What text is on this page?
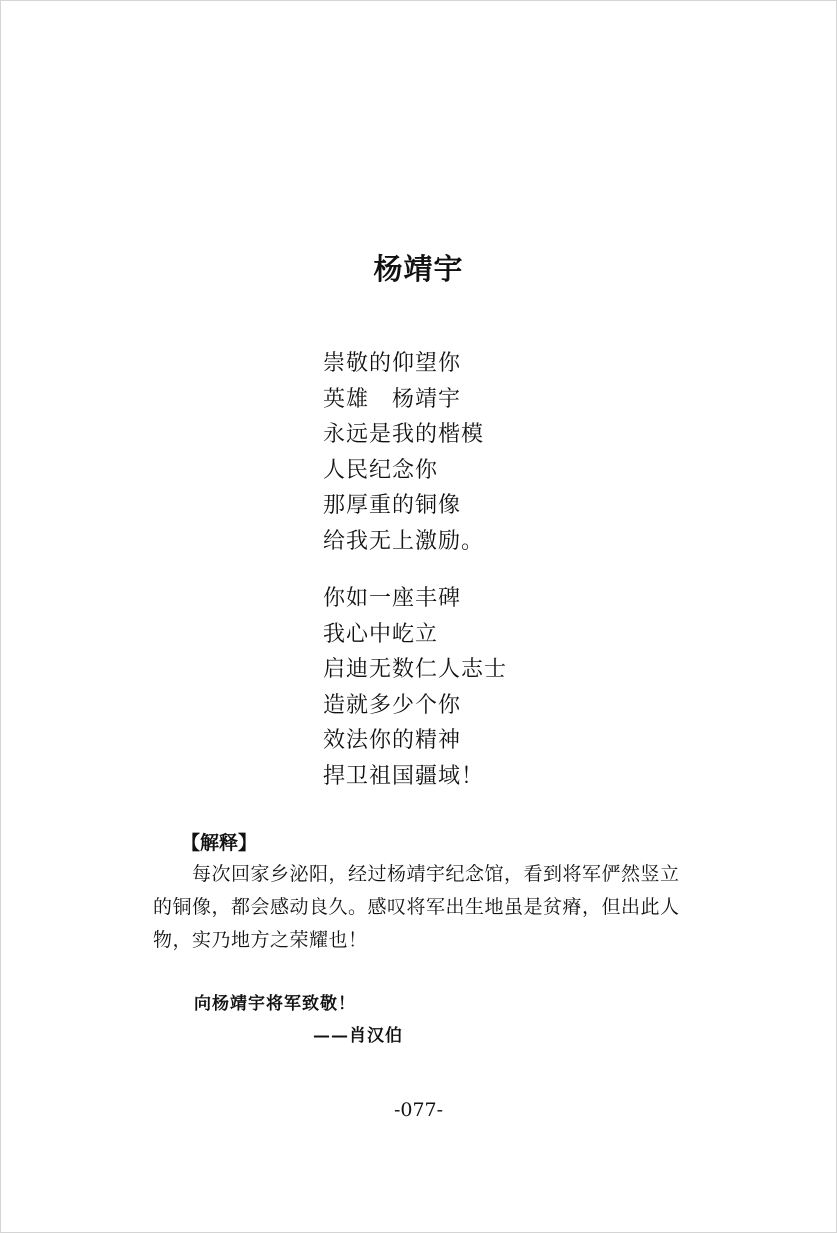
杨靖宇
崇敬的仰望你
英雄　杨靖宇
永远是我的楷模
人民纪念你
那厚重的铜像
给我无上激励。
你如一座丰碑
我心中屹立
启迪无数仁人志士
造就多少个你
效法你的精神
捍卫祖国疆域！
【解释】

每次回家乡泌阳，经过杨靖宇纪念馆，看到将军俨然竖立的铜像，都会感动良久。感叹将军出生地虽是贫瘠，但出此人物，实乃地方之荣耀也！

向杨靖宇将军致敬！
——肖汉伯
-077-
